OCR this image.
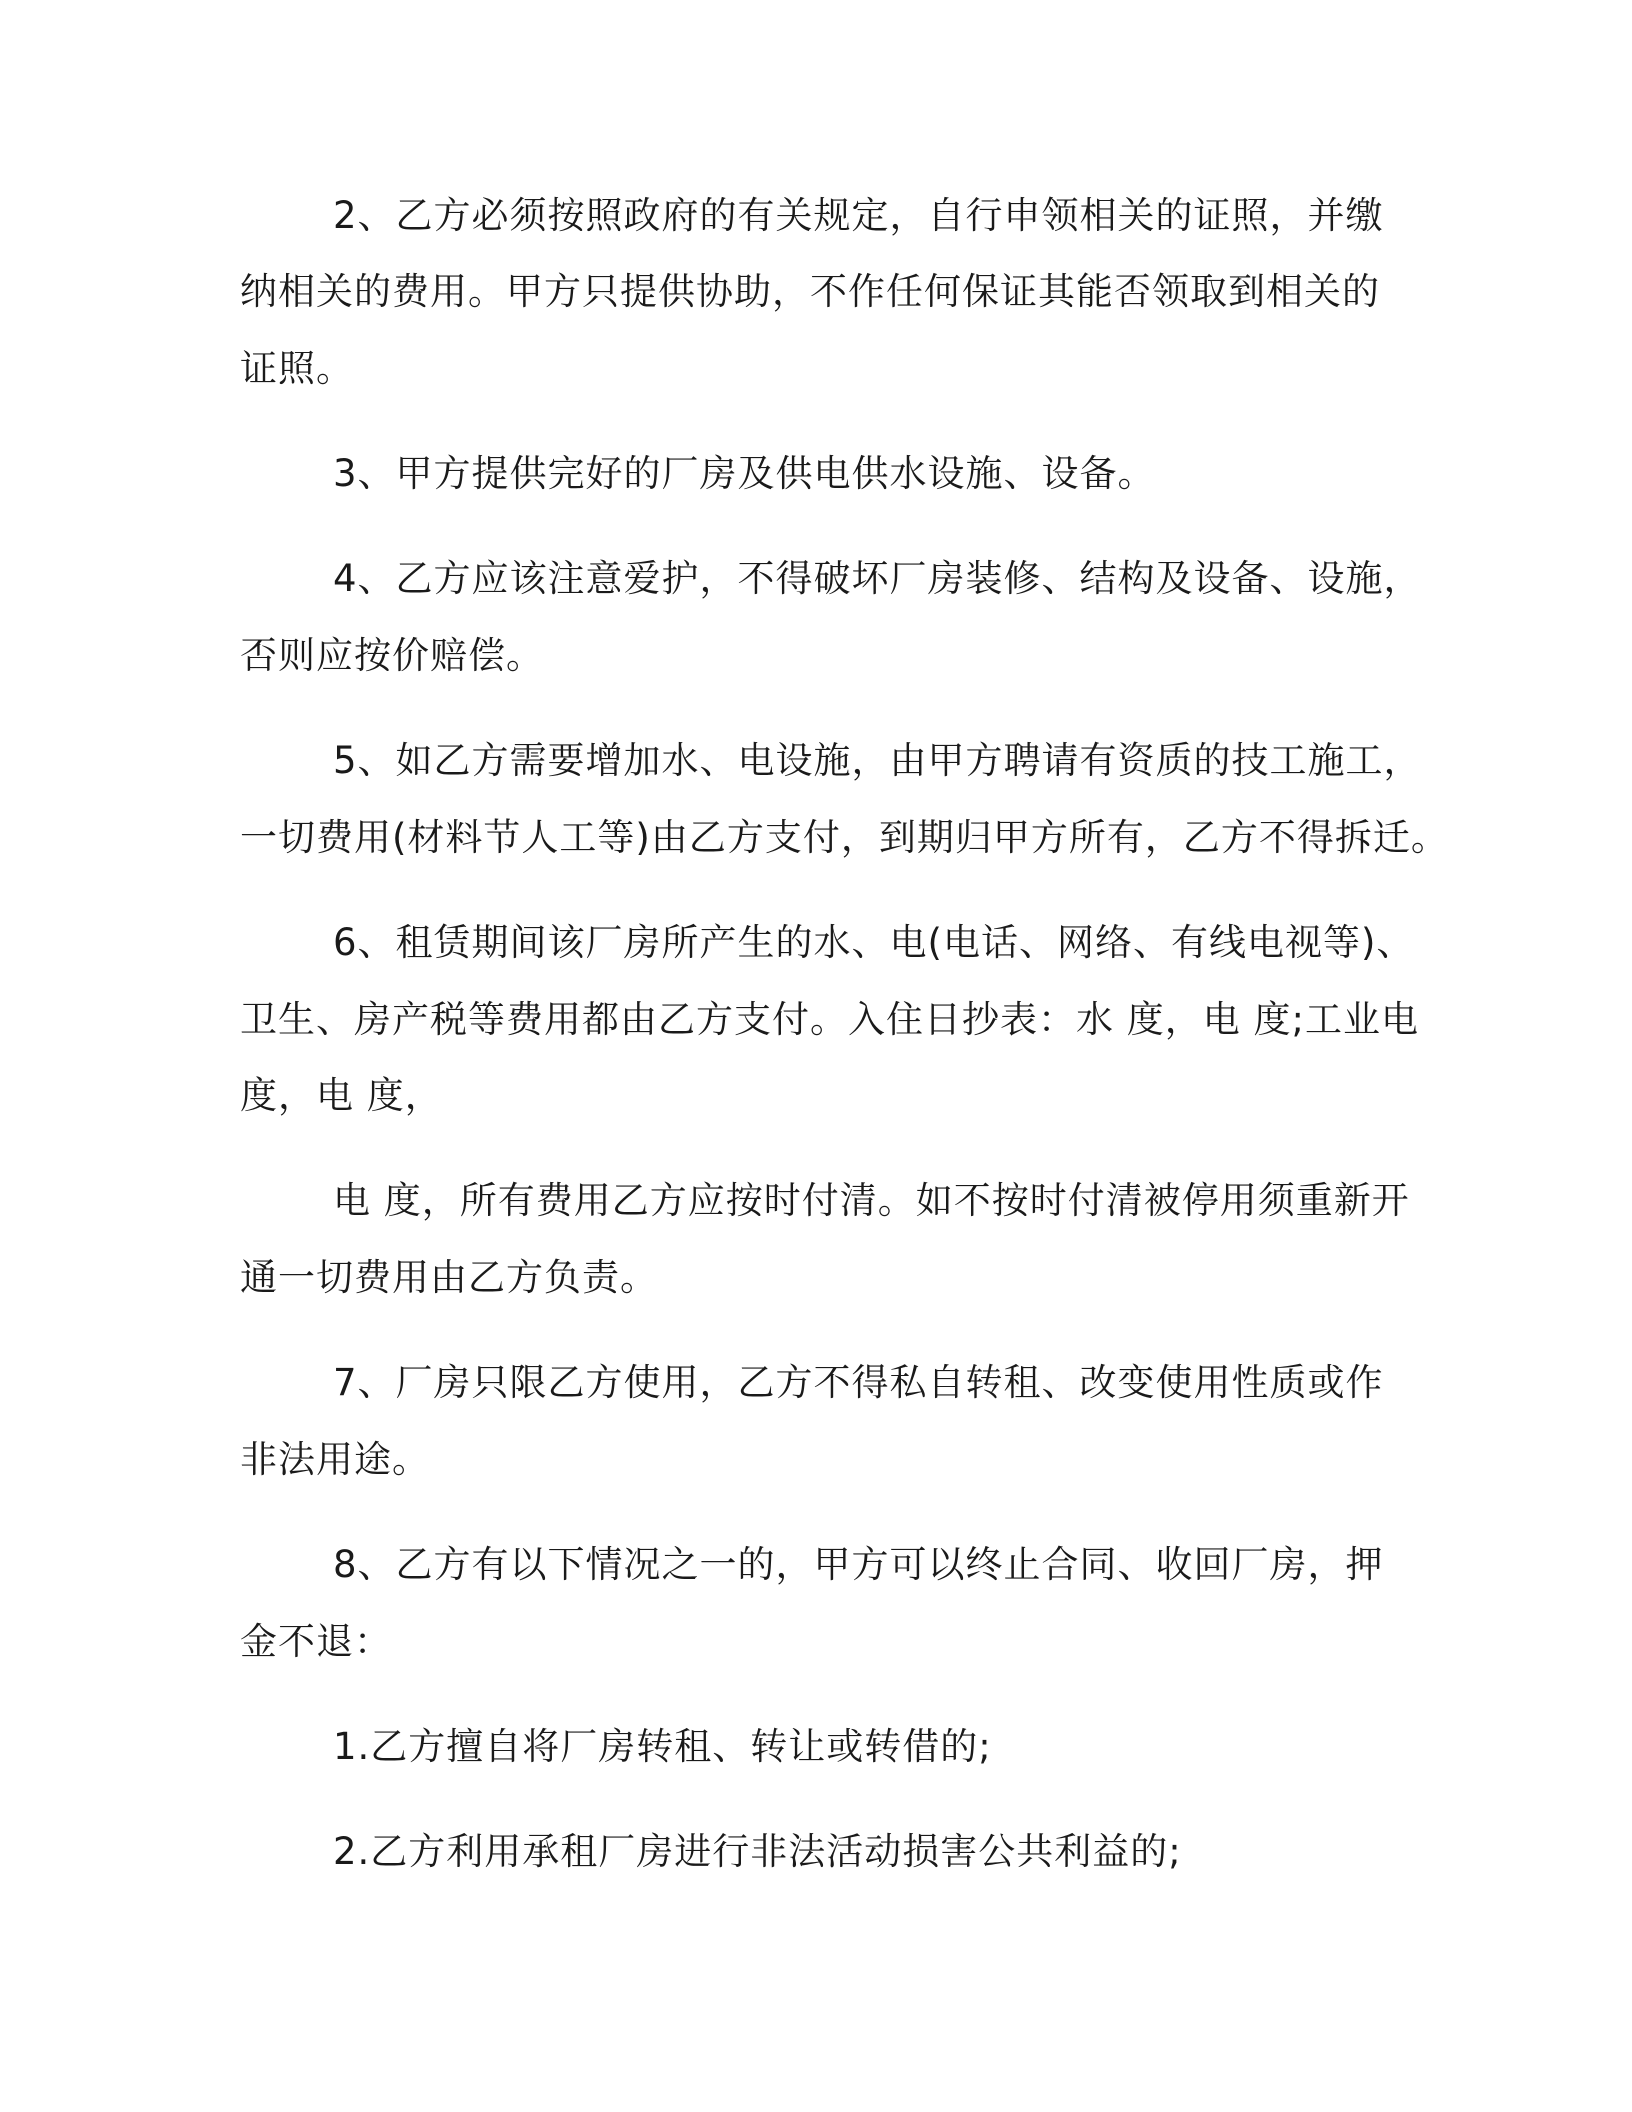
2、乙方必须按照政府的有关规定，自行申领相关的证照，并缴
纳相关的费用。甲方只提供协助，不作任何保证其能否领取到相关的
证照。
3、甲方提供完好的厂房及供电供水设施、设备。
4、乙方应该注意爱护，不得破坏厂房装修、结构及设备、设施，
否则应按价赔偿。
5、如乙方需要增加水、电设施，由甲方聘请有资质的技工施工，
一切费用(材料节人工等)由乙方支付，到期归甲方所有，乙方不得拆迁。
6、租赁期间该厂房所产生的水、电(电话、网络、有线电视等)、
卫生、房产税等费用都由乙方支付。入住日抄表：水 度，电 度;工业电
度，电 度，
电 度，所有费用乙方应按时付清。如不按时付清被停用须重新开
通一切费用由乙方负责。
7、厂房只限乙方使用，乙方不得私自转租、改变使用性质或作
非法用途。
8、乙方有以下情况之一的，甲方可以终止合同、收回厂房，押
金不退：
1.乙方擅自将厂房转租、转让或转借的;
2.乙方利用承租厂房进行非法活动损害公共利益的;
